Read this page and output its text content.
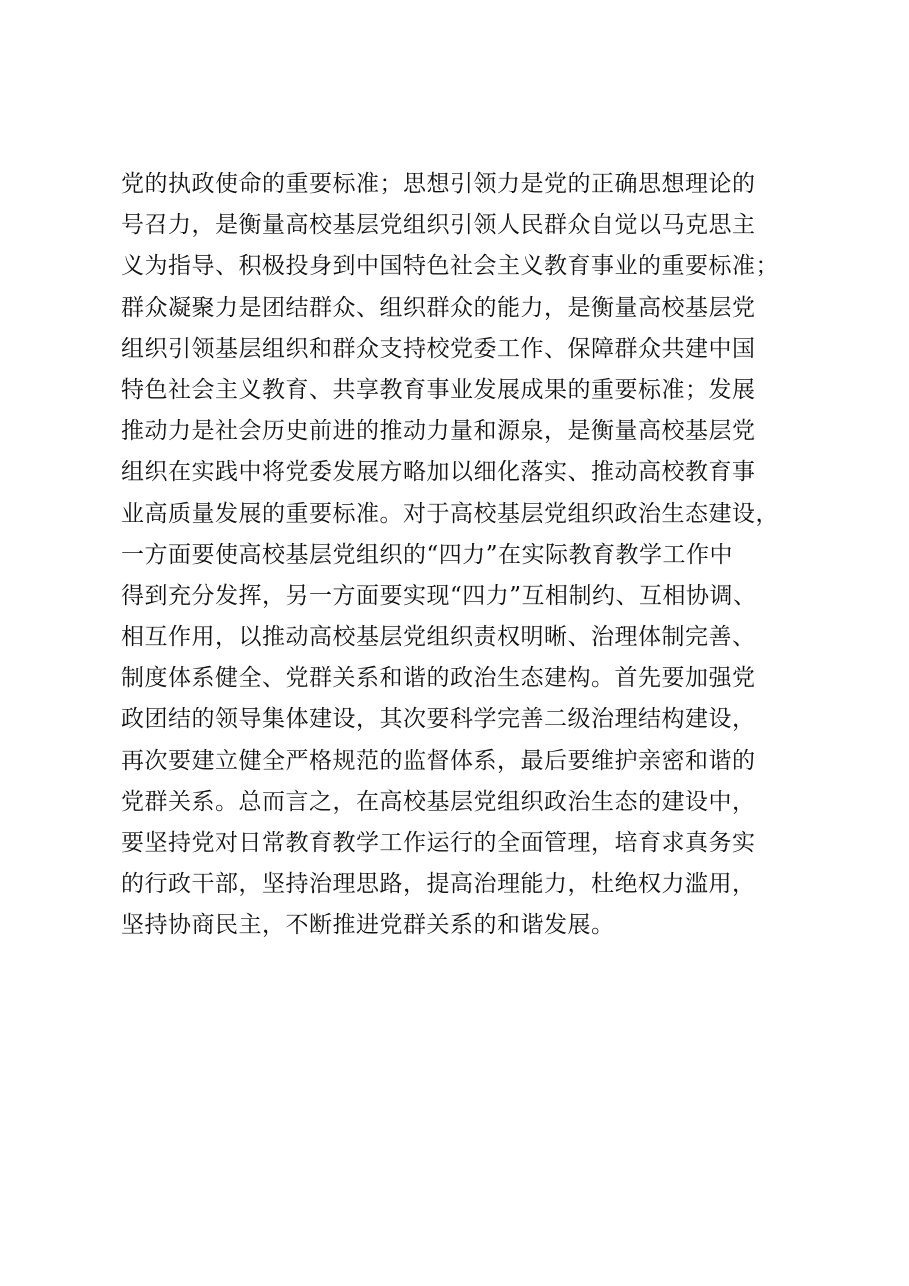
党的执政使命的重要标准；思想引领力是党的正确思想理论的
号召力，是衡量高校基层党组织引领人民群众自觉以马克思主
义为指导、积极投身到中国特色社会主义教育事业的重要标准；
群众凝聚力是团结群众、组织群众的能力，是衡量高校基层党
组织引领基层组织和群众支持校党委工作、保障群众共建中国
特色社会主义教育、共享教育事业发展成果的重要标准；发展
推动力是社会历史前进的推动力量和源泉，是衡量高校基层党
组织在实践中将党委发展方略加以细化落实、推动高校教育事
业高质量发展的重要标准。对于高校基层党组织政治生态建设，
一方面要使高校基层党组织的“四力”在实际教育教学工作中
得到充分发挥，另一方面要实现“四力”互相制约、互相协调、
相互作用，以推动高校基层党组织责权明晰、治理体制完善、
制度体系健全、党群关系和谐的政治生态建构。首先要加强党
政团结的领导集体建设，其次要科学完善二级治理结构建设，
再次要建立健全严格规范的监督体系，最后要维护亲密和谐的
党群关系。总而言之，在高校基层党组织政治生态的建设中，
要坚持党对日常教育教学工作运行的全面管理，培育求真务实
的行政干部，坚持治理思路，提高治理能力，杜绝权力滥用，
坚持协商民主，不断推进党群关系的和谐发展。
